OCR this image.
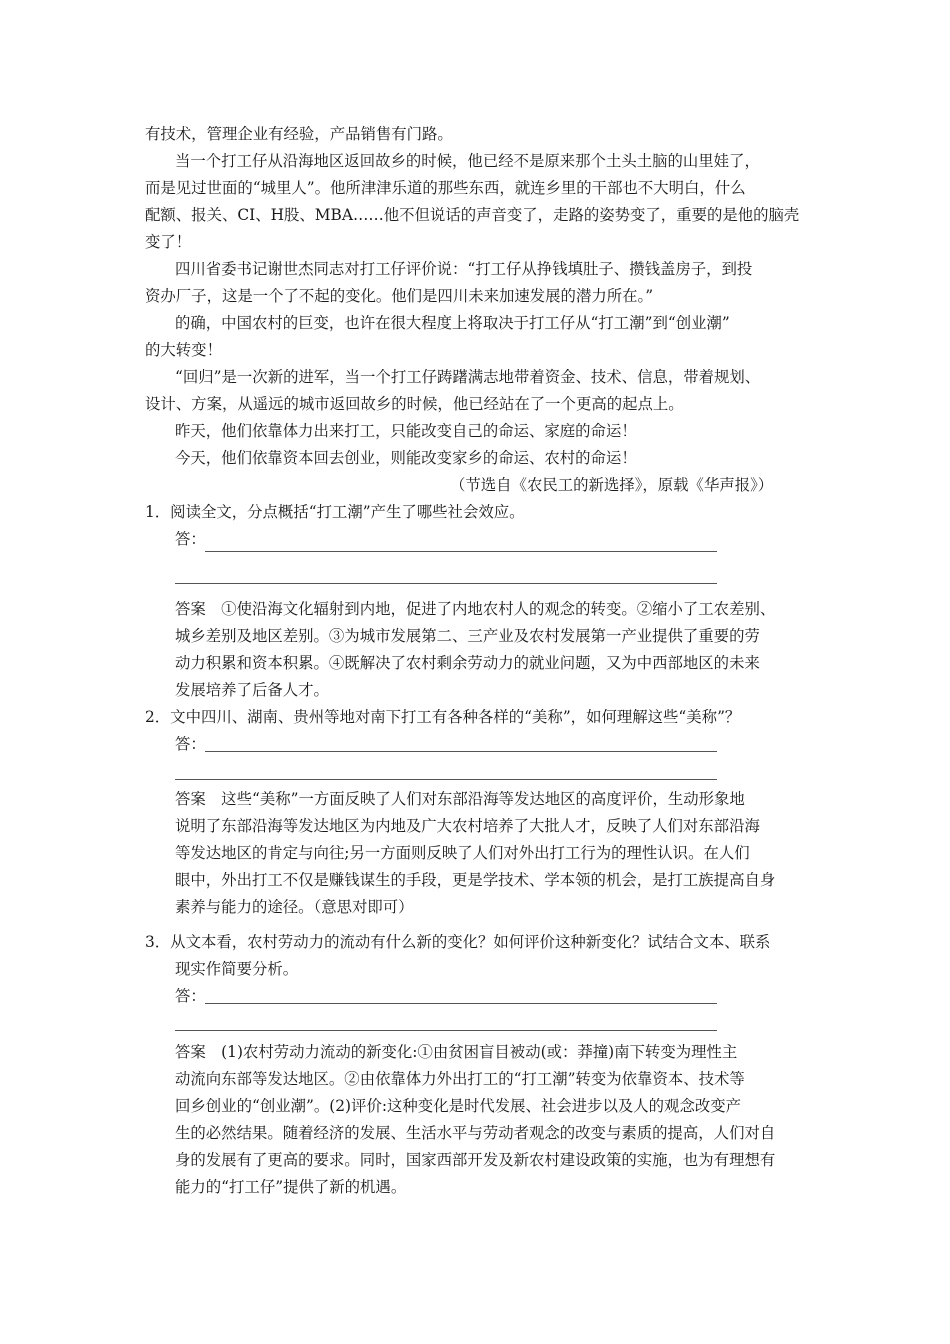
有技术，管理企业有经验，产品销售有门路。
当一个打工仔从沿海地区返回故乡的时候，他已经不是原来那个土头土脑的山里娃了，
而是见过世面的“城里人”。他所津津乐道的那些东西，就连乡里的干部也不大明白，什么
配额、报关、CI、H股、MBA……他不但说话的声音变了，走路的姿势变了，重要的是他的脑壳
变了！
四川省委书记谢世杰同志对打工仔评价说：“打工仔从挣钱填肚子、攒钱盖房子，到投
资办厂子，这是一个了不起的变化。他们是四川未来加速发展的潜力所在。”
的确，中国农村的巨变，也许在很大程度上将取决于打工仔从“打工潮”到“创业潮”
的大转变！
“回归”是一次新的进军，当一个打工仔踌躇满志地带着资金、技术、信息，带着规划、
设计、方案，从遥远的城市返回故乡的时候，他已经站在了一个更高的起点上。
昨天，他们依靠体力出来打工，只能改变自己的命运、家庭的命运！
今天，他们依靠资本回去创业，则能改变家乡的命运、农村的命运！
（节选自《农民工的新选择》，原载《华声报》）
1．阅读全文，分点概括“打工潮”产生了哪些社会效应。
答：
答案　①使沿海文化辐射到内地，促进了内地农村人的观念的转变。②缩小了工农差别、
城乡差别及地区差别。③为城市发展第二、三产业及农村发展第一产业提供了重要的劳
动力积累和资本积累。④既解决了农村剩余劳动力的就业问题，又为中西部地区的未来
发展培养了后备人才。
2．文中四川、湖南、贵州等地对南下打工有各种各样的“美称”，如何理解这些“美称”？
答：
答案　这些“美称”一方面反映了人们对东部沿海等发达地区的高度评价，生动形象地
说明了东部沿海等发达地区为内地及广大农村培养了大批人才，反映了人们对东部沿海
等发达地区的肯定与向往;另一方面则反映了人们对外出打工行为的理性认识。在人们
眼中，外出打工不仅是赚钱谋生的手段，更是学技术、学本领的机会，是打工族提高自身
素养与能力的途径。（意思对即可）
3．从文本看，农村劳动力的流动有什么新的变化？如何评价这种新变化？试结合文本、联系
现实作简要分析。
答：
答案　(1)农村劳动力流动的新变化:①由贫困盲目被动(或：莽撞)南下转变为理性主
动流向东部等发达地区。②由依靠体力外出打工的“打工潮”转变为依靠资本、技术等
回乡创业的“创业潮”。(2)评价:这种变化是时代发展、社会进步以及人的观念改变产
生的必然结果。随着经济的发展、生活水平与劳动者观念的改变与素质的提高，人们对自
身的发展有了更高的要求。同时，国家西部开发及新农村建设政策的实施，也为有理想有
能力的“打工仔”提供了新的机遇。
